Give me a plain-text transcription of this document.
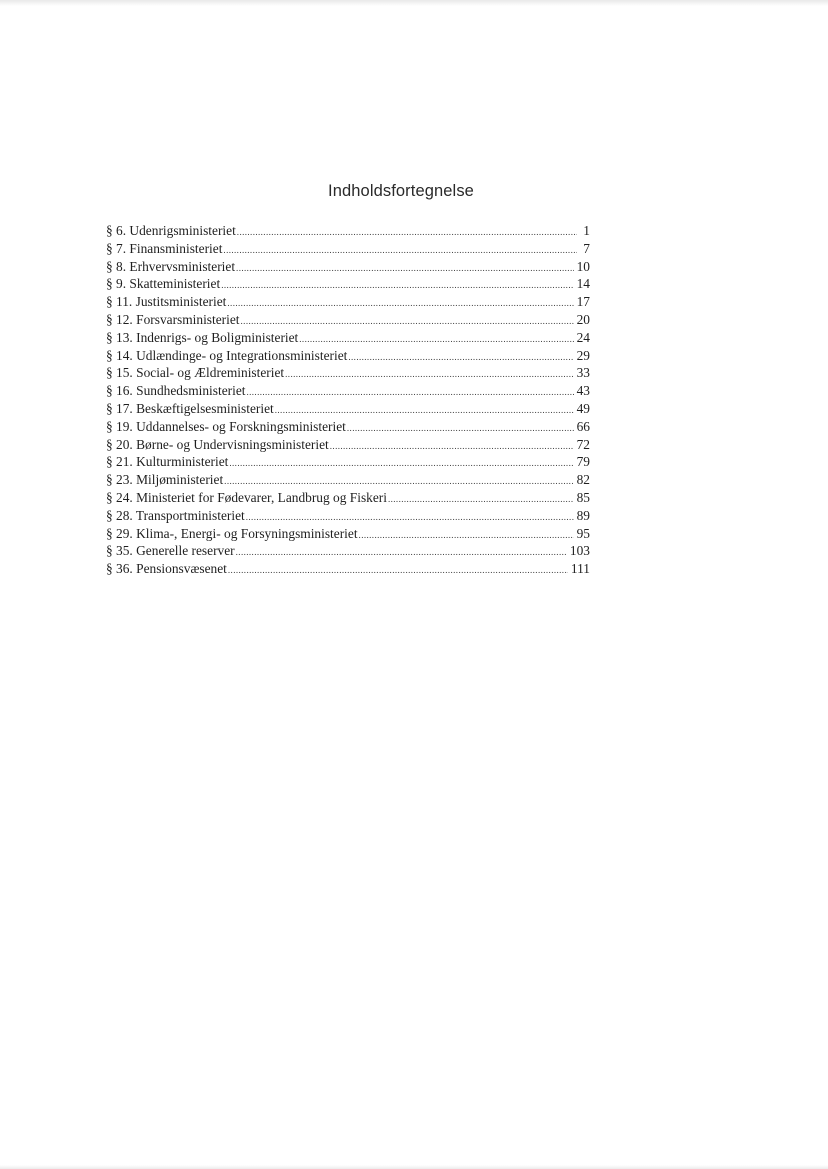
Indholdsfortegnelse
§ 6. Udenrigsministeriet .....	1
§ 7. Finansministeriet .....	7
§ 8. Erhvervsministeriet .....	10
§ 9. Skatteministeriet .....	14
§ 11. Justitsministeriet .....	17
§ 12. Forsvarsministeriet .....	20
§ 13. Indenrigs- og Boligministeriet .....	24
§ 14. Udlændinge- og Integrationsministeriet .....	29
§ 15. Social- og Ældreministeriet .....	33
§ 16. Sundhedsministeriet .....	43
§ 17. Beskæftigelsesministeriet .....	49
§ 19. Uddannelses- og Forskningsministeriet .....	66
§ 20. Børne- og Undervisningsministeriet .....	72
§ 21. Kulturministeriet .....	79
§ 23. Miljøministeriet .....	82
§ 24. Ministeriet for Fødevarer, Landbrug og Fiskeri .....	85
§ 28. Transportministeriet .....	89
§ 29. Klima-, Energi- og Forsyningsministeriet .....	95
§ 35. Generelle reserver .....	103
§ 36. Pensionsvæsenet .....	111
